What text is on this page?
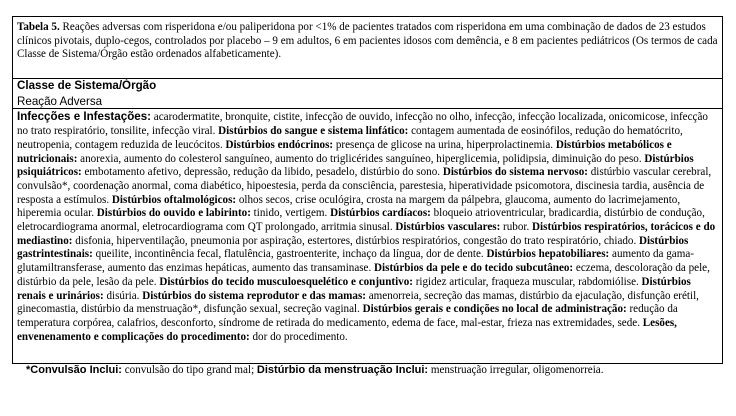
Tabela 5. Reações adversas com risperidona e/ou paliperidona por <1% de pacientes tratados com risperidona em uma combinação de dados de 23 estudos clínicos pivotais, duplo-cegos, controlados por placebo – 9 em adultos, 6 em pacientes idosos com demência, e 8 em pacientes pediátricos (Os termos de cada Classe de Sistema/Órgão estão ordenados alfabeticamente).

Classe de Sistema/Órgão
Reação Adversa

Infecções e Infestações: acarodermatite, bronquite, cistite, infecção de ouvido, infecção no olho, infecção, infecção localizada, onicomicose, infecção no trato respiratório, tonsilite, infecção viral. Distúrbios do sangue e sistema linfático: contagem aumentada de eosinófilos, redução do hematócrito, neutropenia, contagem reduzida de leucócitos. Distúrbios endócrinos: presença de glicose na urina, hiperprolactinemia. Distúrbios metabólicos e nutricionais: anorexia, aumento do colesterol sanguíneo, aumento do triglicérides sanguíneo, hiperglicemia, polidipsia, diminuição do peso. Distúrbios psiquiátricos: embotamento afetivo, depressão, redução da libido, pesadelo, distúrbio do sono. Distúrbios do sistema nervoso: distúrbio vascular cerebral, convulsão*, coordenação anormal, coma diabético, hipoestesia, perda da consciência, parestesia, hiperatividade psicomotora, discinesia tardia, ausência de resposta a estímulos. Distúrbios oftalmológicos: olhos secos, crise oculógira, crosta na margem da pálpebra, glaucoma, aumento do lacrimejamento, hiperemia ocular. Distúrbios do ouvido e labirinto: tinido, vertigem. Distúrbios cardíacos: bloqueio atrioventricular, bradicardia, distúrbio de condução, eletrocardiograma anormal, eletrocardiograma com QT prolongado, arritmia sinusal. Distúrbios vasculares: rubor. Distúrbios respiratórios, torácicos e do mediastino: disfonia, hiperventilação, pneumonia por aspiração, estertores, distúrbios respiratórios, congestão do trato respiratório, chiado. Distúrbios gastrintestinais: queilite, incontinência fecal, flatulência, gastroenterite, inchaço da língua, dor de dente. Distúrbios hepatobiliares: aumento da gama-glutamiltransferase, aumento das enzimas hepáticas, aumento das transaminase. Distúrbios da pele e do tecido subcutâneo: eczema, descoloração da pele, distúrbio da pele, lesão da pele. Distúrbios do tecido musculoesquelético e conjuntivo: rigidez articular, fraqueza muscular, rabdomiólise. Distúrbios renais e urinários: disúria. Distúrbios do sistema reprodutor e das mamas: amenorreia, secreção das mamas, distúrbio da ejaculação, disfunção erétil, ginecomastia, distúrbio da menstruação*, disfunção sexual, secreção vaginal. Distúrbios gerais e condições no local de administração: redução da temperatura corpórea, calafrios, desconforto, síndrome de retirada do medicamento, edema de face, mal-estar, frieza nas extremidades, sede. Lesões, envenenamento e complicações do procedimento: dor do procedimento.
*Convulsão Inclui: convulsão do tipo grand mal; Distúrbio da menstruação Inclui: menstruação irregular, oligomenorreia.
